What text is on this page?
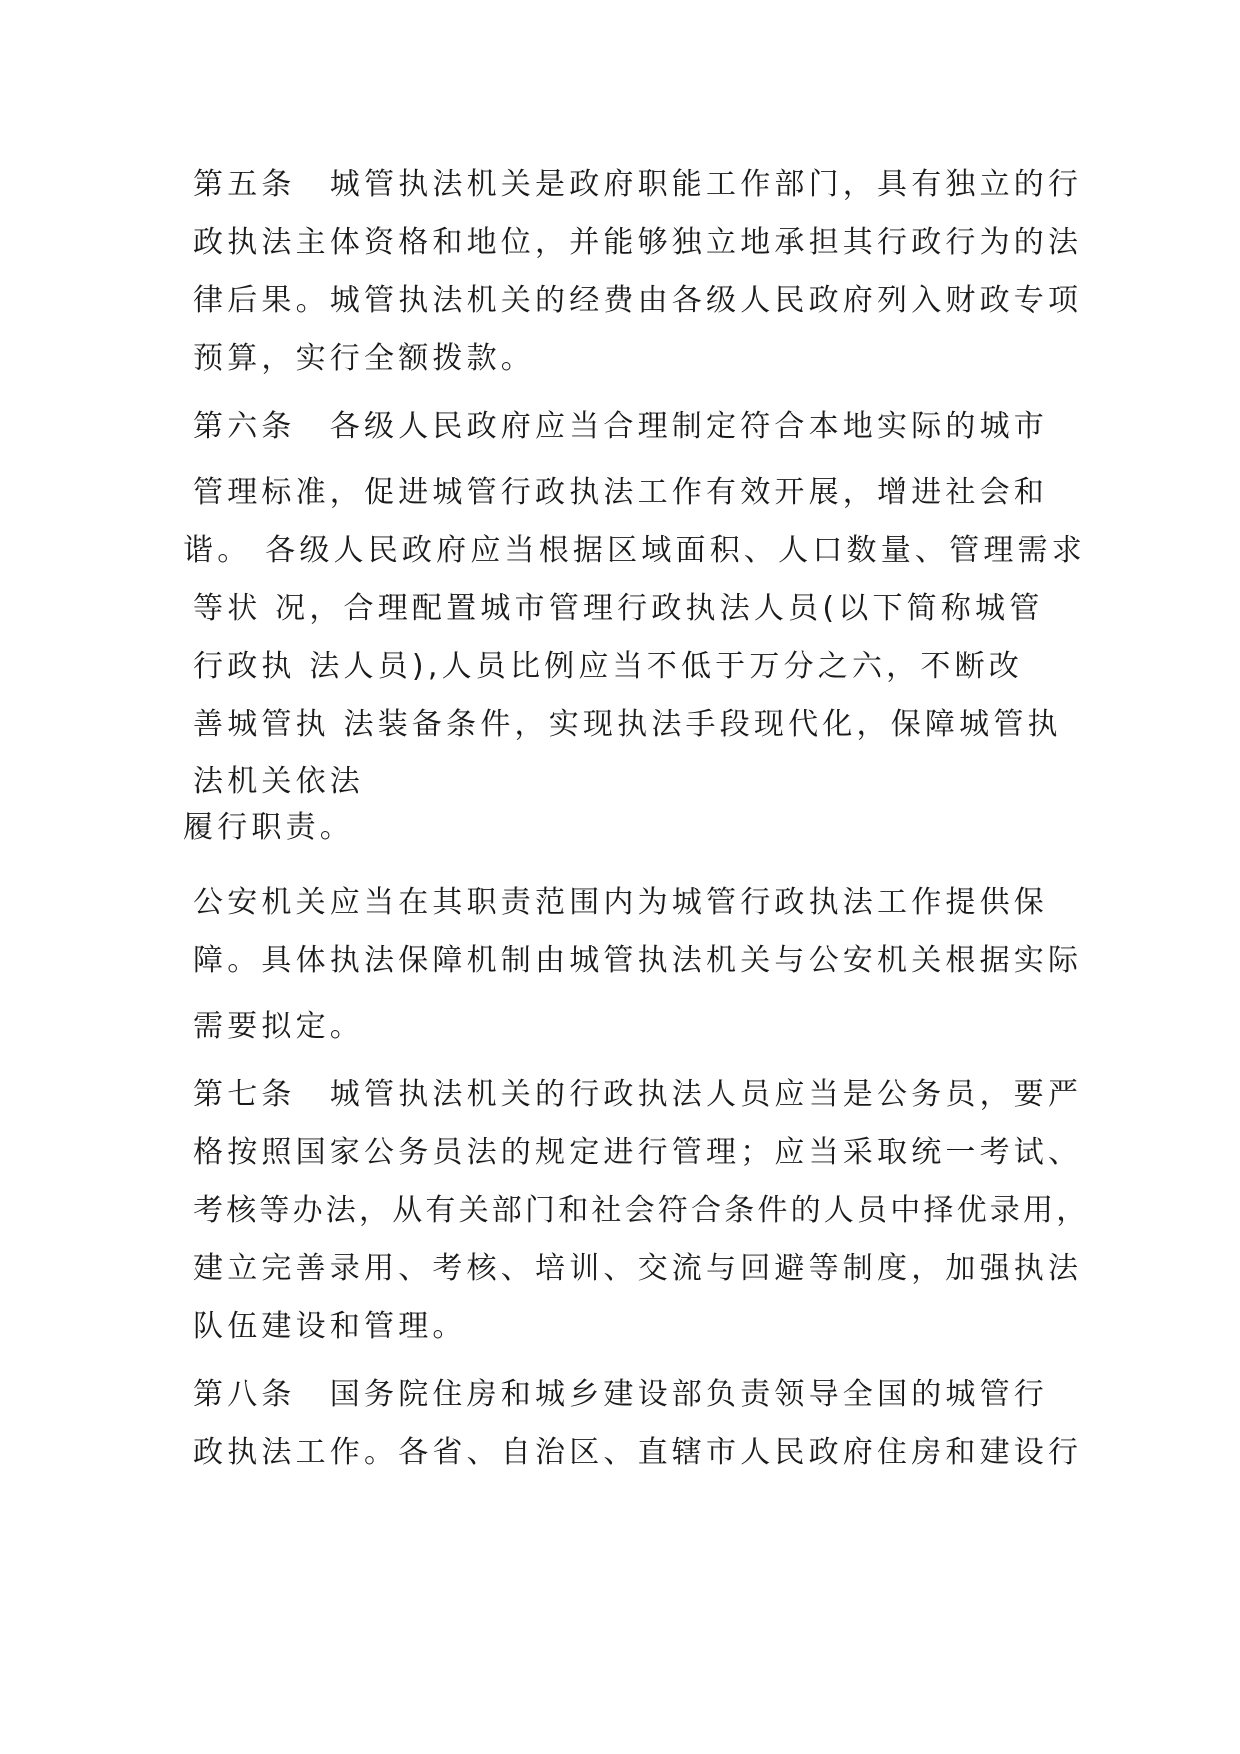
第五条　城管执法机关是政府职能工作部门，具有独立的行
政执法主体资格和地位，并能够独立地承担其行政行为的法
律后果。城管执法机关的经费由各级人民政府列入财政专项
预算，实行全额拨款。
第六条　各级人民政府应当合理制定符合本地实际的城市
管理标准，促进城管行政执法工作有效开展，增进社会和
谐。 各级人民政府应当根据区域面积、人口数量、管理需求
等状 况，合理配置城市管理行政执法人员(以下简称城管
行政执 法人员),人员比例应当不低于万分之六，不断改
善城管执 法装备条件，实现执法手段现代化，保障城管执
法机关依法
履行职责。
公安机关应当在其职责范围内为城管行政执法工作提供保
障。具体执法保障机制由城管执法机关与公安机关根据实际
需要拟定。
第七条　城管执法机关的行政执法人员应当是公务员，要严
格按照国家公务员法的规定进行管理；应当采取统一考试、
考核等办法，从有关部门和社会符合条件的人员中择优录用，
建立完善录用、考核、培训、交流与回避等制度，加强执法
队伍建设和管理。
第八条　国务院住房和城乡建设部负责领导全国的城管行
政执法工作。各省、自治区、直辖市人民政府住房和建设行
